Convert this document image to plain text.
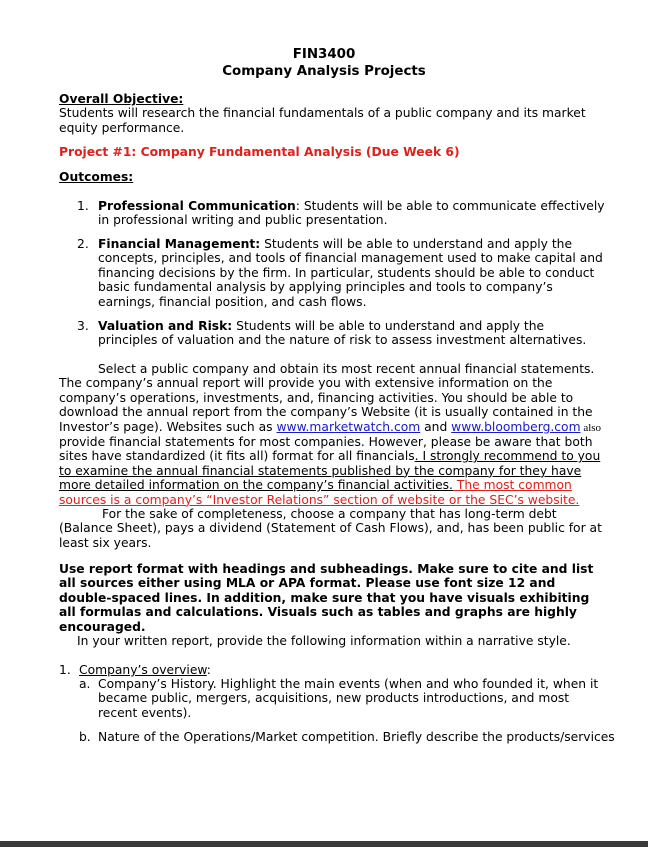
FIN3400
Company Analysis Projects
Overall Objective:
Students will research the financial fundamentals of a public company and its market equity performance.
Project #1: Company Fundamental Analysis (Due Week 6)
Outcomes:
1. Professional Communication: Students will be able to communicate effectively in professional writing and public presentation.
2. Financial Management: Students will be able to understand and apply the concepts, principles, and tools of financial management used to make capital and financing decisions by the firm. In particular, students should be able to conduct basic fundamental analysis by applying principles and tools to company’s earnings, financial position, and cash flows.
3. Valuation and Risk: Students will be able to understand and apply the principles of valuation and the nature of risk to assess investment alternatives.

Select a public company and obtain its most recent annual financial statements. The company’s annual report will provide you with extensive information on the company’s operations, investments, and, financing activities. You should be able to download the annual report from the company’s Website (it is usually contained in the Investor’s page). Websites such as www.marketwatch.com and www.bloomberg.com also provide financial statements for most companies. However, please be aware that both sites have standardized (it fits all) format for all financials. I strongly recommend to you to examine the annual financial statements published by the company for they have more detailed information on the company’s financial activities. The most common sources is a company’s “Investor Relations” section of website or the SEC’s website.

For the sake of completeness, choose a company that has long-term debt (Balance Sheet), pays a dividend (Statement of Cash Flows), and, has been public for at least six years.

Use report format with headings and subheadings. Make sure to cite and list all sources either using MLA or APA format. Please use font size 12 and double-spaced lines. In addition, make sure that you have visuals exhibiting all formulas and calculations. Visuals such as tables and graphs are highly encouraged.
In your written report, provide the following information within a narrative style.
1. Company’s overview:
a. Company’s History. Highlight the main events (when and who founded it, when it became public, mergers, acquisitions, new products introductions, and most recent events).
b. Nature of the Operations/Market competition. Briefly describe the products/services
